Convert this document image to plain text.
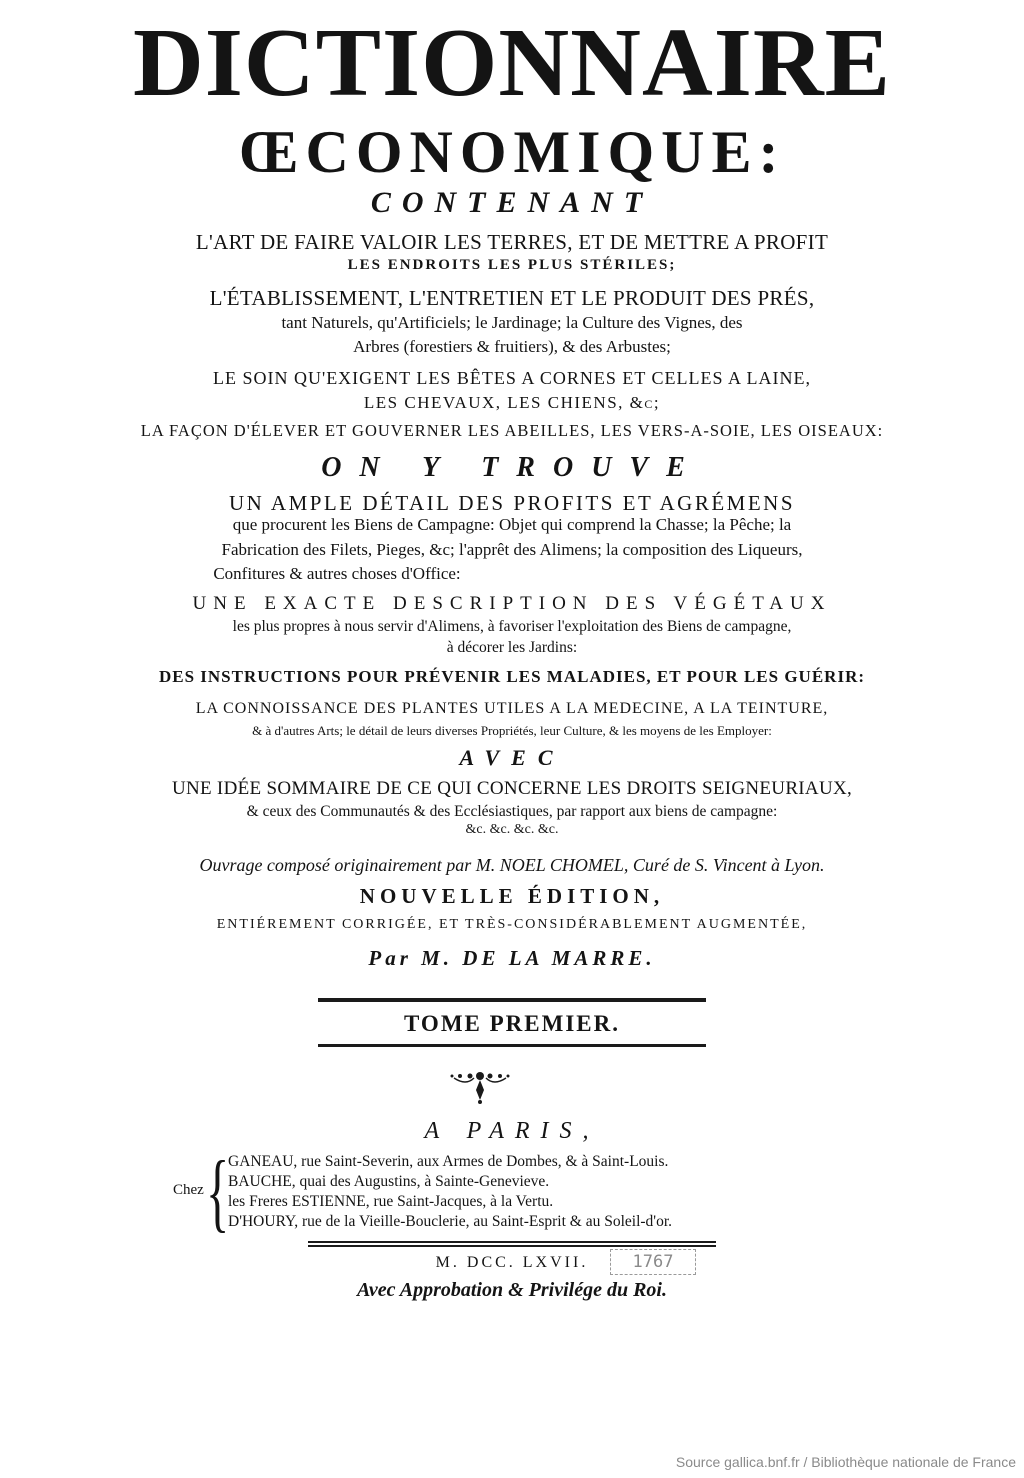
DICTIONNAIRE
ŒCONOMIQUE:
CONTENANT
L'ART DE FAIRE VALOIR LES TERRES, ET DE METTRE A PROFIT
LES ENDROITS LES PLUS STÉRILES;
L'ÉTABLISSEMENT, L'ENTRETIEN ET LE PRODUIT DES PRÉS,
tant Naturels, qu'Artificiels; le Jardinage; la Culture des Vignes, des
Arbres (forestiers & fruitiers), & des Arbustes;
LE SOIN QU'EXIGENT LES BÊTES A CORNES ET CELLES A LAINE,
LES CHEVAUX, LES CHIENS, &c;
LA FAÇON D'ÉLEVER ET GOUVERNER LES ABEILLES, LES VERS-A-SOIE, LES OISEAUX:
ON Y TROUVE
UN AMPLE DÉTAIL DES PROFITS ET AGRÉMENS
que procurent les Biens de Campagne: Objet qui comprend la Chasse; la Pêche; la
Fabrication des Filets, Pieges, &c; l'apprêt des Alimens; la composition des Liqueurs,
Confitures & autres choses d'Office:
UNE EXACTE DESCRIPTION DES VÉGÉTAUX
les plus propres à nous servir d'Alimens, à favoriser l'exploitation des Biens de campagne,
à décorer les Jardins:
DES INSTRUCTIONS POUR PRÉVENIR LES MALADIES, ET POUR LES GUÉRIR:
LA CONNOISSANCE DES PLANTES UTILES A LA MEDECINE, A LA TEINTURE,
& à d'autres Arts; le détail de leurs diverses Propriétés, leur Culture, & les moyens de les Employer:
AVEC
UNE IDÉE SOMMAIRE DE CE QUI CONCERNE LES DROITS SEIGNEURIAUX,
& ceux des Communautés & des Ecclésiastiques, par rapport aux biens de campagne:
&c. &c. &c. &c.
Ouvrage composé originairement par M. NOEL CHOMEL, Curé de S. Vincent à Lyon.
NOUVELLE ÉDITION,
ENTIÉREMENT CORRIGÉE, ET TRÈS-CONSIDÉRABLEMENT AUGMENTÉE,
Par M. DE LA MARRE.
TOME PREMIER.
A PARIS,
Chez {
GANEAU, rue Saint-Severin, aux Armes de Dombes, & à Saint-Louis.
BAUCHE, quai des Augustins, à Sainte-Genevieve.
les Freres ESTIENNE, rue Saint-Jacques, à la Vertu.
D'HOURY, rue de la Vieille-Bouclerie, au Saint-Esprit & au Soleil-d'or.
M. DCC. LXVII.	1767
Avec Approbation & Privilége du Roi.
Source gallica.bnf.fr / Bibliothèque nationale de France
